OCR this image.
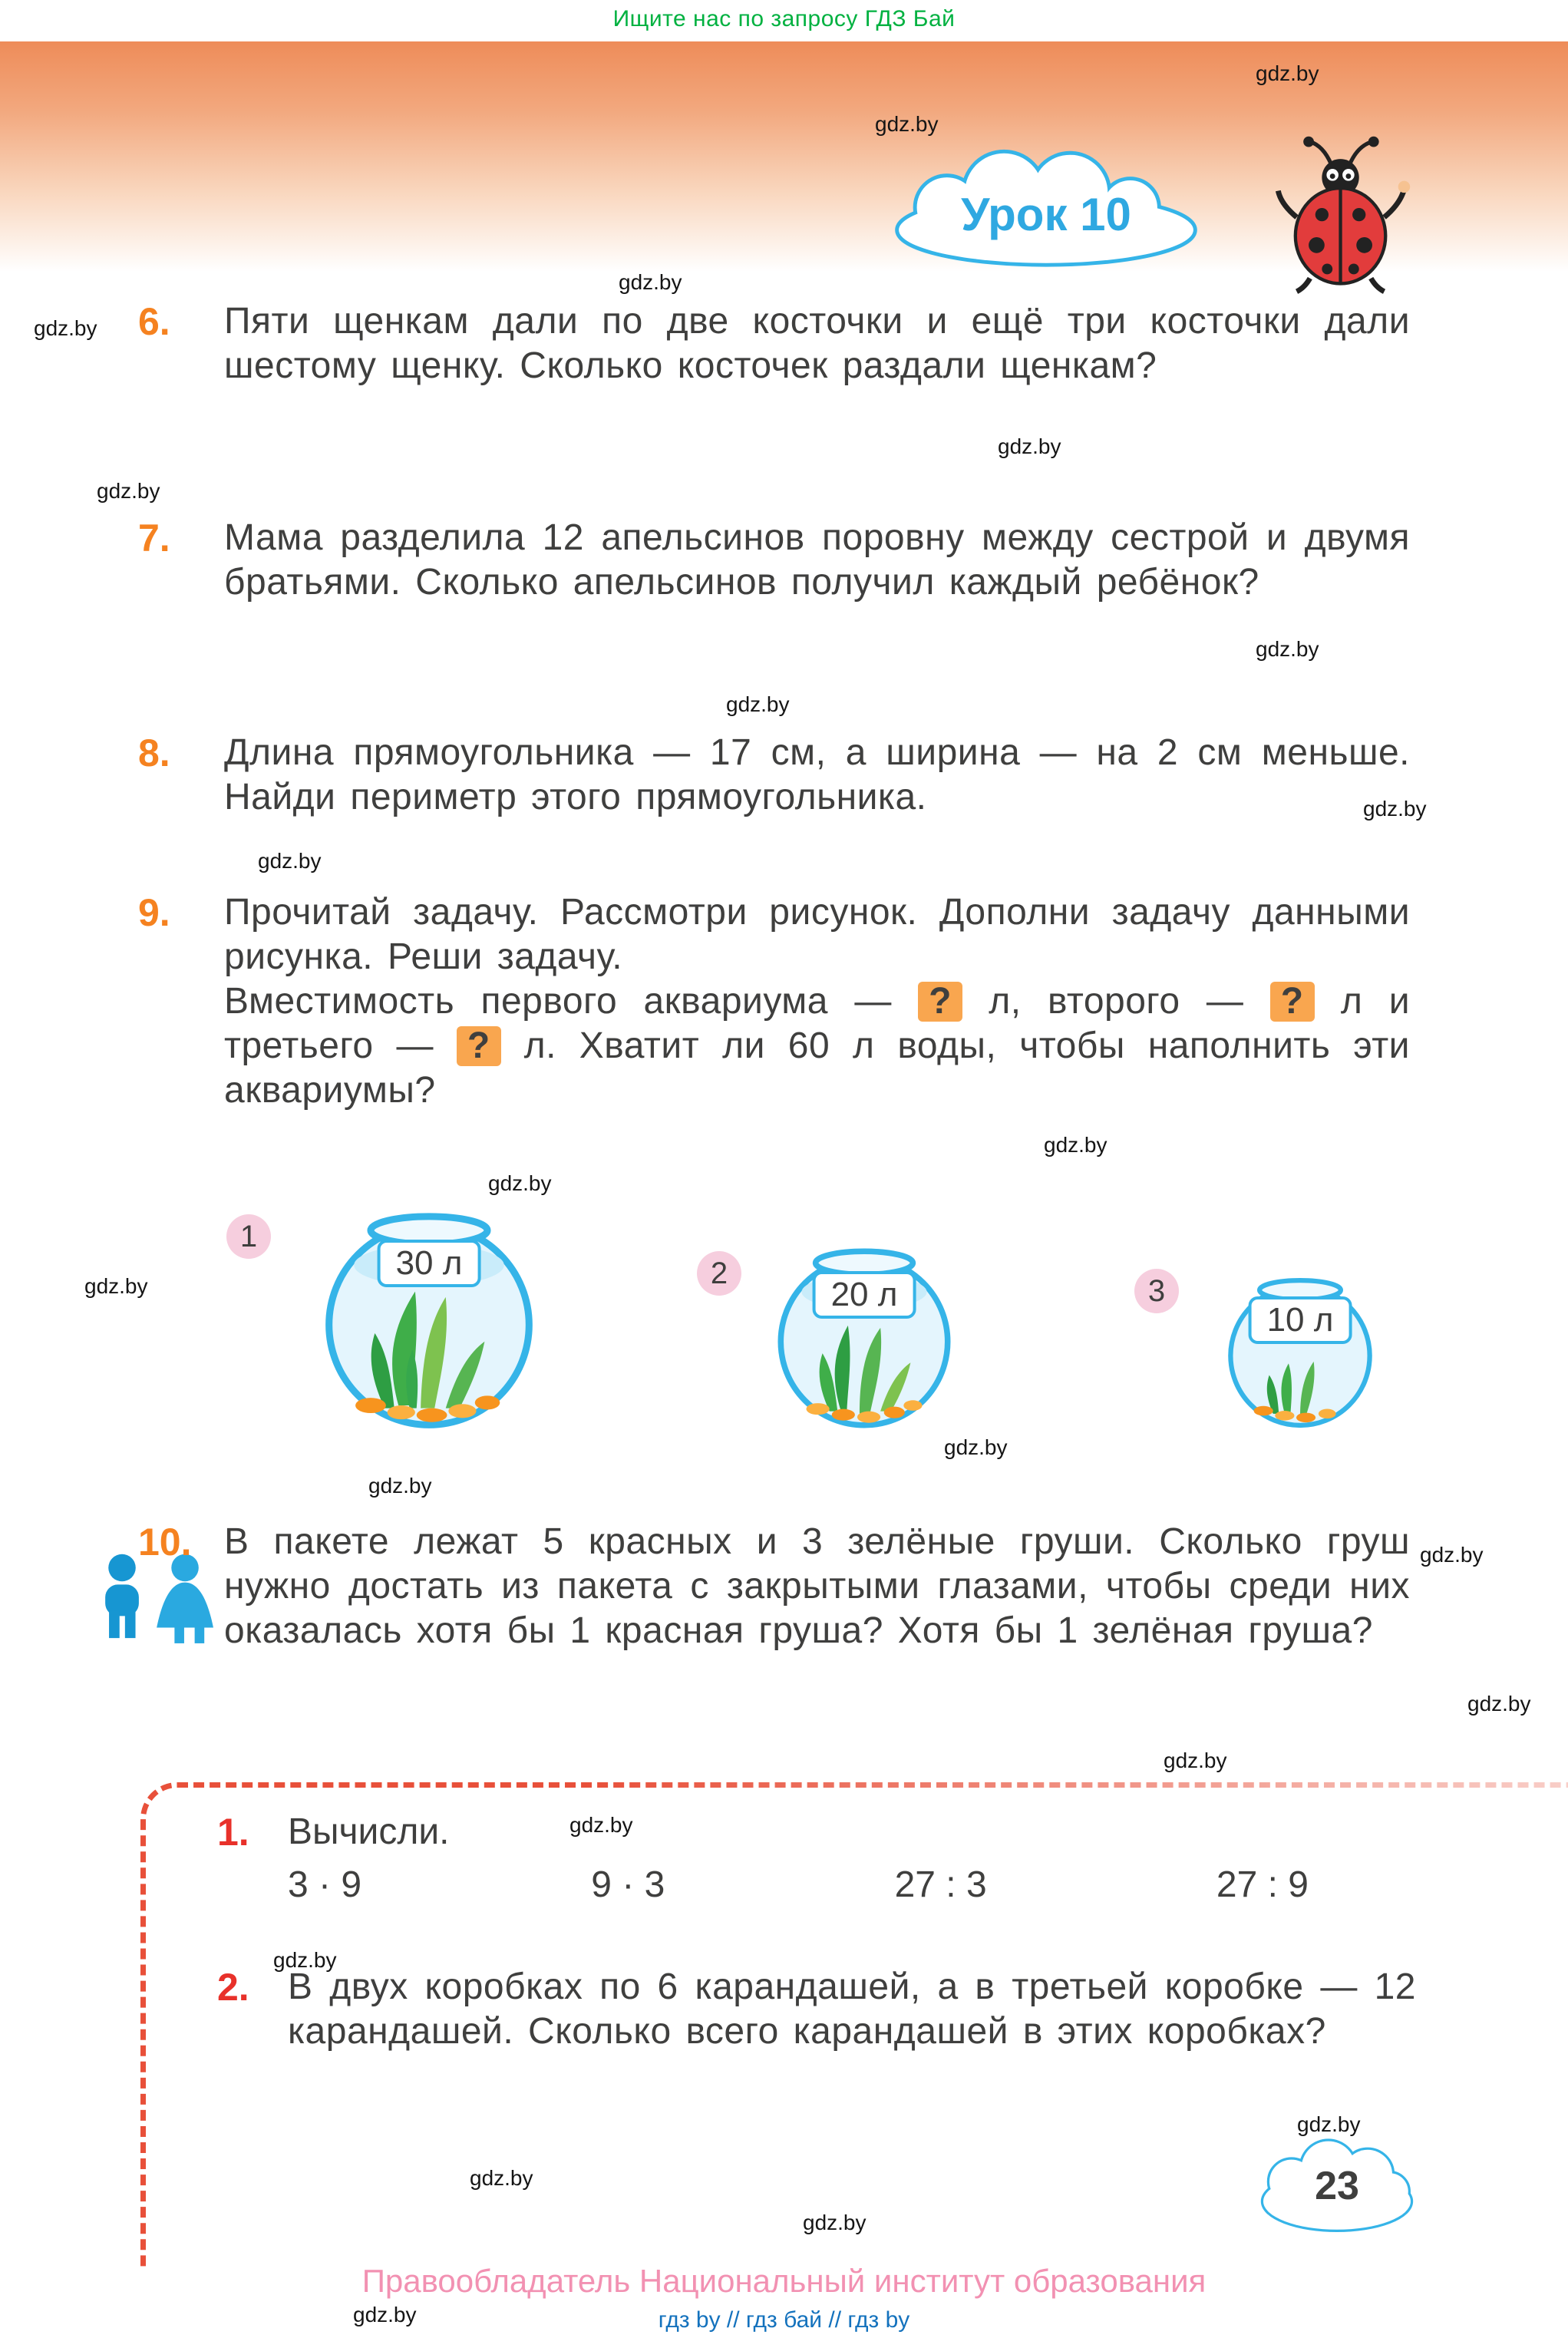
Ищите нас по запросу ГДЗ Бай
Урок 10
6.	Пяти щенкам дали по две косточки и ещё три косточки дали шестому щенку. Сколько косточек раздали щенкам?
7.	Мама разделила 12 апельсинов поровну между сестрой и двумя братьями. Сколько апельсинов получил каждый ребёнок?
8.	Длина прямоугольника — 17 см, а ширина — на 2 см меньше. Найди периметр этого прямоугольника.
9.	Прочитай задачу. Рассмотри рисунок. Дополни задачу данными рисунка. Реши задачу.
Вместимость первого аквариума — ? л, второго — ? л и третьего — ? л. Хватит ли 60 л воды, чтобы наполнить эти аквариумы?
1
30 л	2
20 л	3
10 л
10. В пакете лежат 5 красных и 3 зелёные груши. Сколько груш нужно достать из пакета с закрытыми глазами, чтобы среди них оказалась хотя бы 1 красная груша? Хотя бы 1 зелёная груша?
1.	Вычисли.
3 · 9	9 · 3	27 : 3	27 : 9
2.	В двух коробках по 6 карандашей, а в третьей коробке — 12 карандашей. Сколько всего карандашей в этих коробках?
23
Правообладатель Национальный институт образования
гдз by // гдз бай // гдз by
gdz.by
gdz.by
gdz.by
gdz.by
gdz.by
gdz.by
gdz.by
gdz.by
gdz.by
gdz.by
gdz.by
gdz.by
gdz.by
gdz.by
gdz.by
gdz.by
gdz.by
gdz.by
gdz.by
gdz.by
gdz.by
gdz.by
gdz.by
gdz.by
